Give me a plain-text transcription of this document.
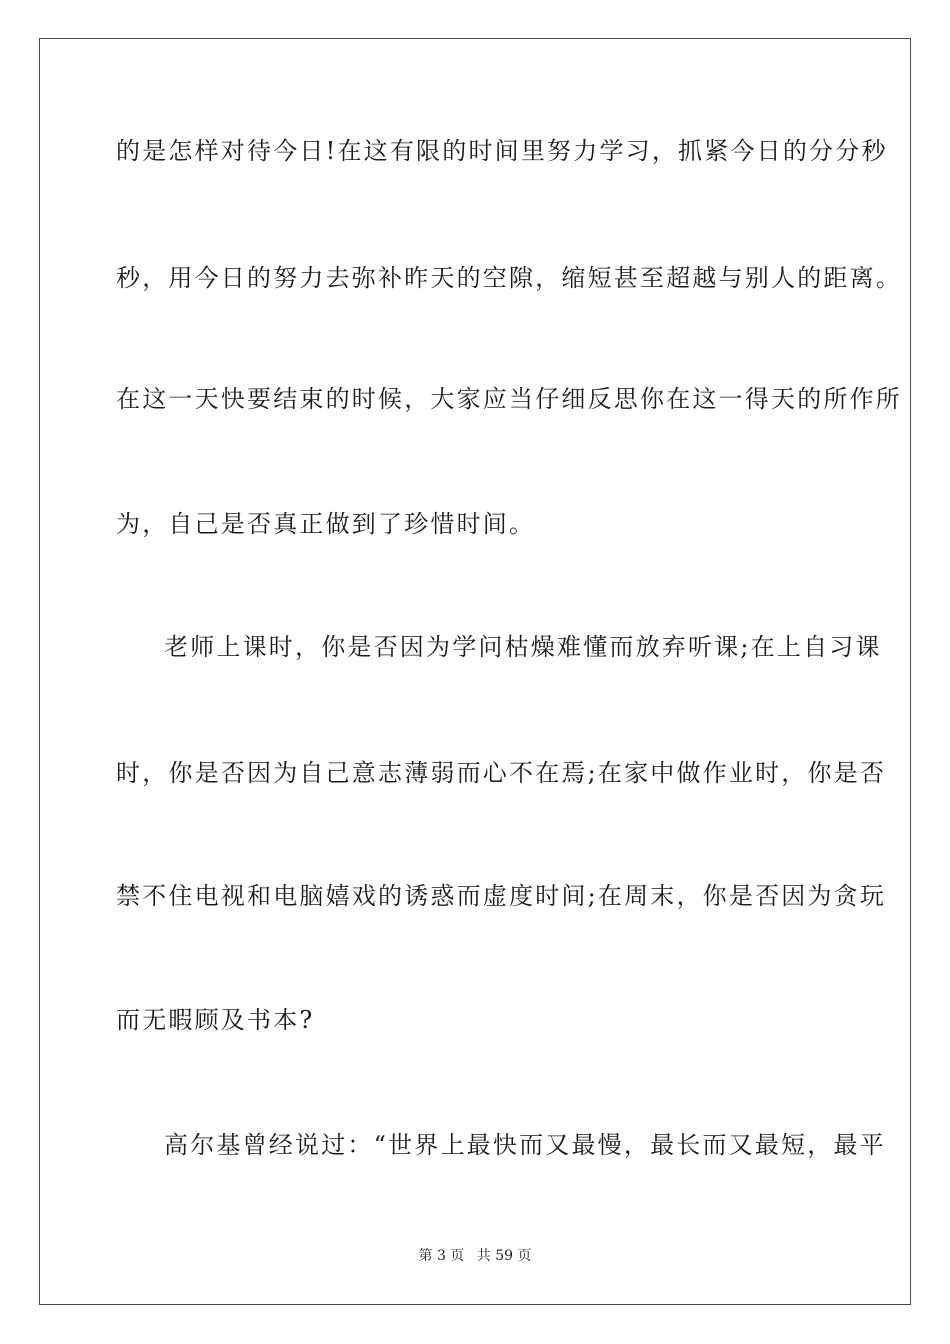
的是怎样对待今日!在这有限的时间里努力学习，抓紧今日的分分秒
秒，用今日的努力去弥补昨天的空隙，缩短甚至超越与别人的距离。
在这一天快要结束的时候，大家应当仔细反思你在这一得天的所作所
为，自己是否真正做到了珍惜时间。
老师上课时，你是否因为学问枯燥难懂而放弃听课;在上自习课
时，你是否因为自己意志薄弱而心不在焉;在家中做作业时，你是否
禁不住电视和电脑嬉戏的诱惑而虚度时间;在周末，你是否因为贪玩
而无暇顾及书本?
高尔基曾经说过：“世界上最快而又最慢，最长而又最短，最平
第 3 页 共 59 页
